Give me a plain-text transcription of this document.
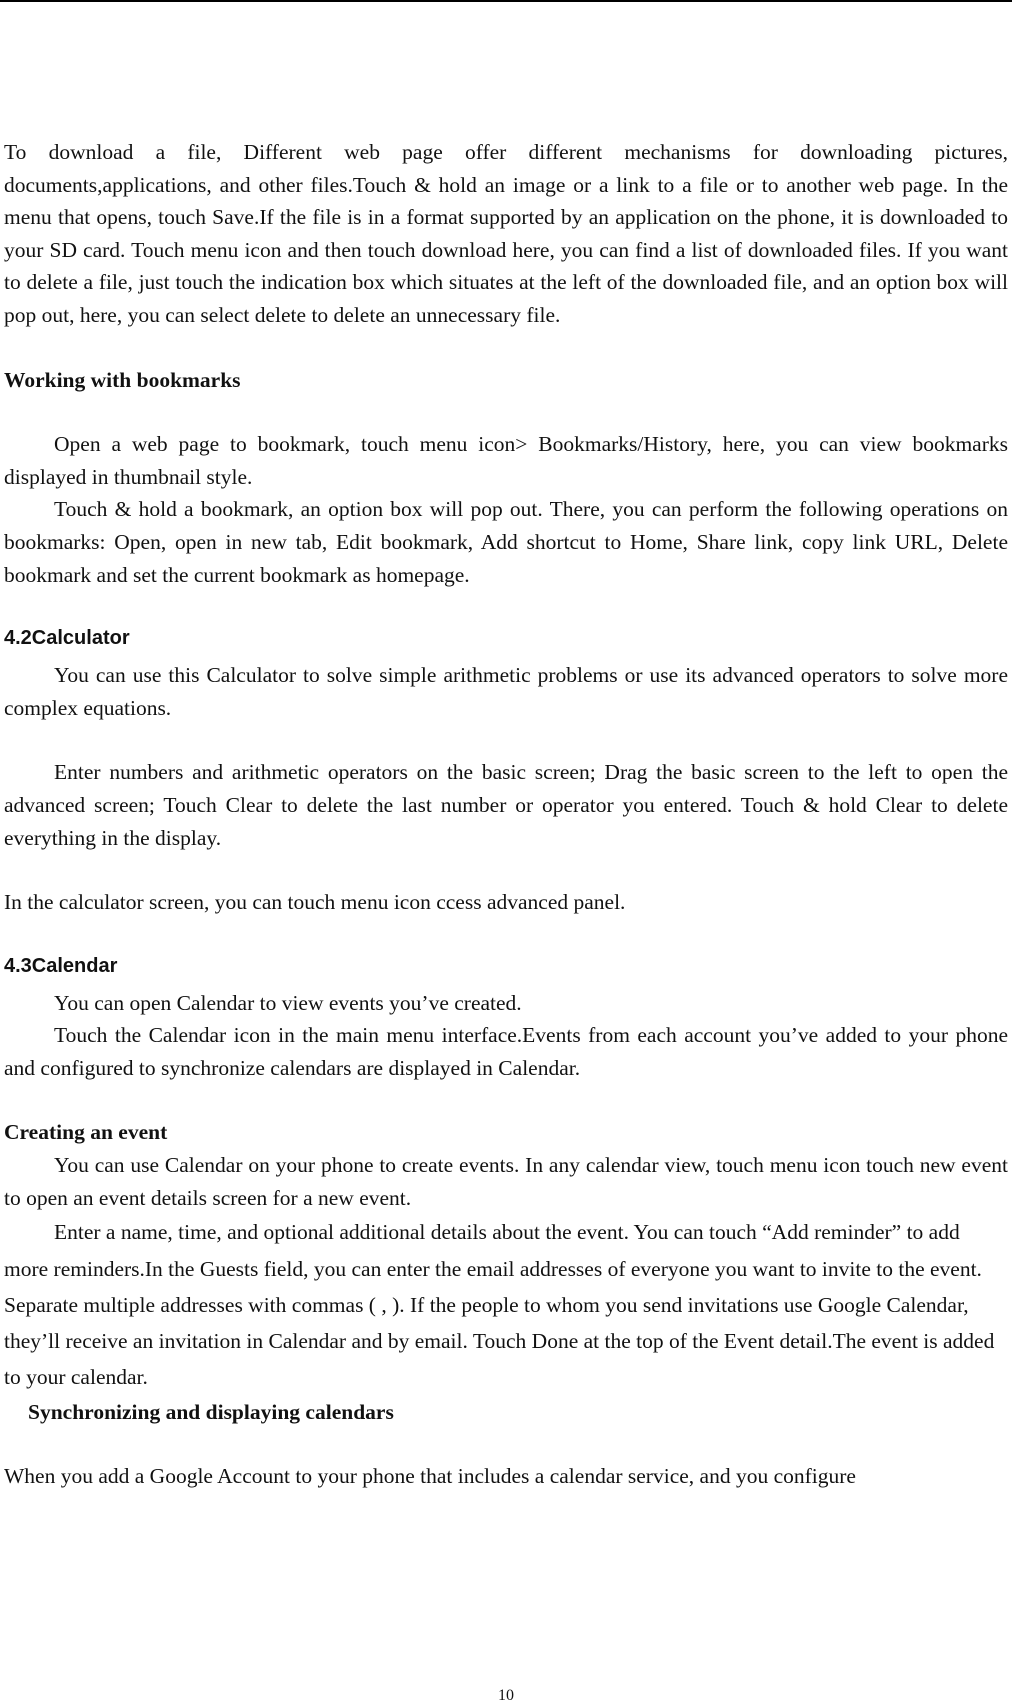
To download a file, Different web page offer different mechanisms for downloading pictures, documents,applications, and other files.Touch & hold an image or a link to a file or to another web page. In the menu that opens, touch Save.If the file is in a format supported by an application on the phone, it is downloaded to your SD card. Touch menu icon and then touch download here, you can find a list of downloaded files. If you want to delete a file, just touch the indication box which situates at the left of the downloaded file, and an option box will pop out, here, you can select delete to delete an unnecessary file.

Working with bookmarks

Open a web page to bookmark, touch menu icon> Bookmarks/History, here, you can view bookmarks displayed in thumbnail style.

Touch & hold a bookmark, an option box will pop out. There, you can perform the following operations on bookmarks: Open, open in new tab, Edit bookmark, Add shortcut to Home, Share link, copy link URL, Delete bookmark and set the current bookmark as homepage.

4.2Calculator

You can use this Calculator to solve simple arithmetic problems or use its advanced operators to solve more complex equations.

Enter numbers and arithmetic operators on the basic screen; Drag the basic screen to the left to open the advanced screen; Touch Clear to delete the last number or operator you entered. Touch & hold Clear to delete everything in the display.

In the calculator screen, you can touch menu icon ccess advanced panel.

4.3Calendar

You can open Calendar to view events you’ve created.

Touch the Calendar icon in the main menu interface.Events from each account you’ve added to your phone and configured to synchronize calendars are displayed in Calendar.

Creating an event

You can use Calendar on your phone to create events. In any calendar view, touch menu icon touch new event to open an event details screen for a new event.

Enter a name, time, and optional additional details about the event. You can touch “Add reminder” to add more reminders.In the Guests field, you can enter the email addresses of everyone you want to invite to the event. Separate multiple addresses with commas ( , ). If the people to whom you send invitations use Google Calendar, they’ll receive an invitation in Calendar and by email. Touch Done at the top of the Event detail.The event is added to your calendar.

Synchronizing and displaying calendars

When you add a Google Account to your phone that includes a calendar service, and you configure

10
